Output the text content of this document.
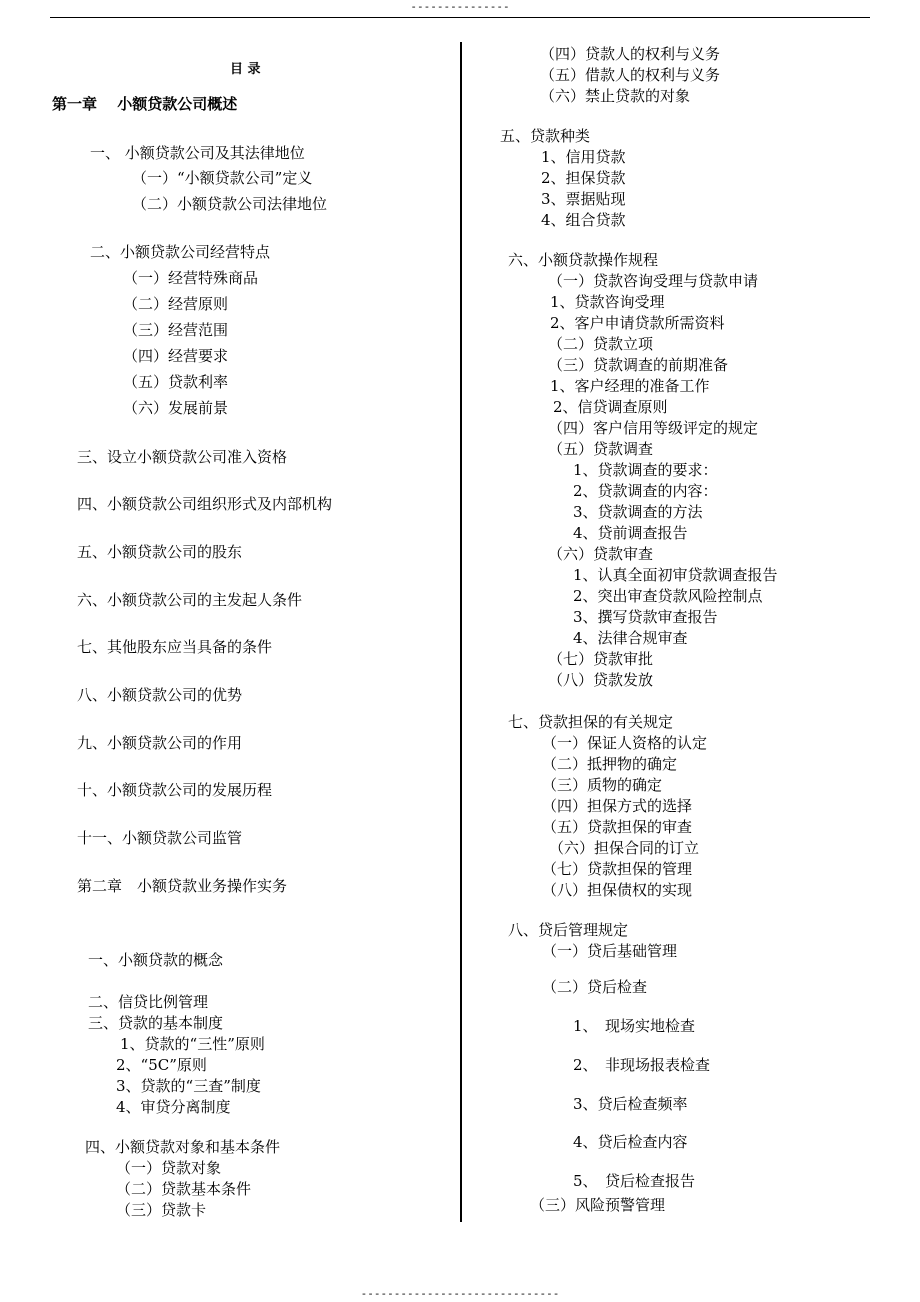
---------------
------------------------------
目 录
第一章　 小额贷款公司概述
一、 小额贷款公司及其法律地位
（一）“小额贷款公司”定义
（二）小额贷款公司法律地位
二、小额贷款公司经营特点
（一）经营特殊商品
（二）经营原则
（三）经营范围
（四）经营要求
（五）贷款利率
（六）发展前景
三、设立小额贷款公司准入资格
四、小额贷款公司组织形式及内部机构
五、小额贷款公司的股东
六、小额贷款公司的主发起人条件
七、其他股东应当具备的条件
八、小额贷款公司的优势
九、小额贷款公司的作用
十、小额贷款公司的发展历程
十一、小额贷款公司监管
第二章　小额贷款业务操作实务
一、小额贷款的概念
二、信贷比例管理
三、贷款的基本制度
1、贷款的“三性”原则
2、“5C”原则
3、贷款的“三查”制度
4、审贷分离制度
四、小额贷款对象和基本条件
（一）贷款对象
（二）贷款基本条件
（三）贷款卡
（四）贷款人的权利与义务
（五）借款人的权利与义务
（六）禁止贷款的对象
五、贷款种类
1、信用贷款
2、担保贷款
3、票据贴现
4、组合贷款
六、小额贷款操作规程
（一）贷款咨询受理与贷款申请
1、贷款咨询受理
2、客户申请贷款所需资料
（二）贷款立项
（三）贷款调查的前期准备
1、客户经理的准备工作
2、信贷调查原则
（四）客户信用等级评定的规定
（五）贷款调查
1、贷款调查的要求：
2、贷款调查的内容：
3、贷款调查的方法
4、贷前调查报告
（六）贷款审查
1、认真全面初审贷款调查报告
2、突出审查贷款风险控制点
3、撰写贷款审查报告
4、法律合规审查
（七）贷款审批
（八）贷款发放
七、贷款担保的有关规定
（一）保证人资格的认定
（二）抵押物的确定
（三）质物的确定
（四）担保方式的选择
（五）贷款担保的审查
（六）担保合同的订立
（七）贷款担保的管理
（八）担保债权的实现
八、贷后管理规定
（一）贷后基础管理
（二）贷后检查
1、　现场实地检查
2、　非现场报表检查
3、贷后检查频率
4、贷后检查内容
5、　贷后检查报告
（三）风险预警管理
